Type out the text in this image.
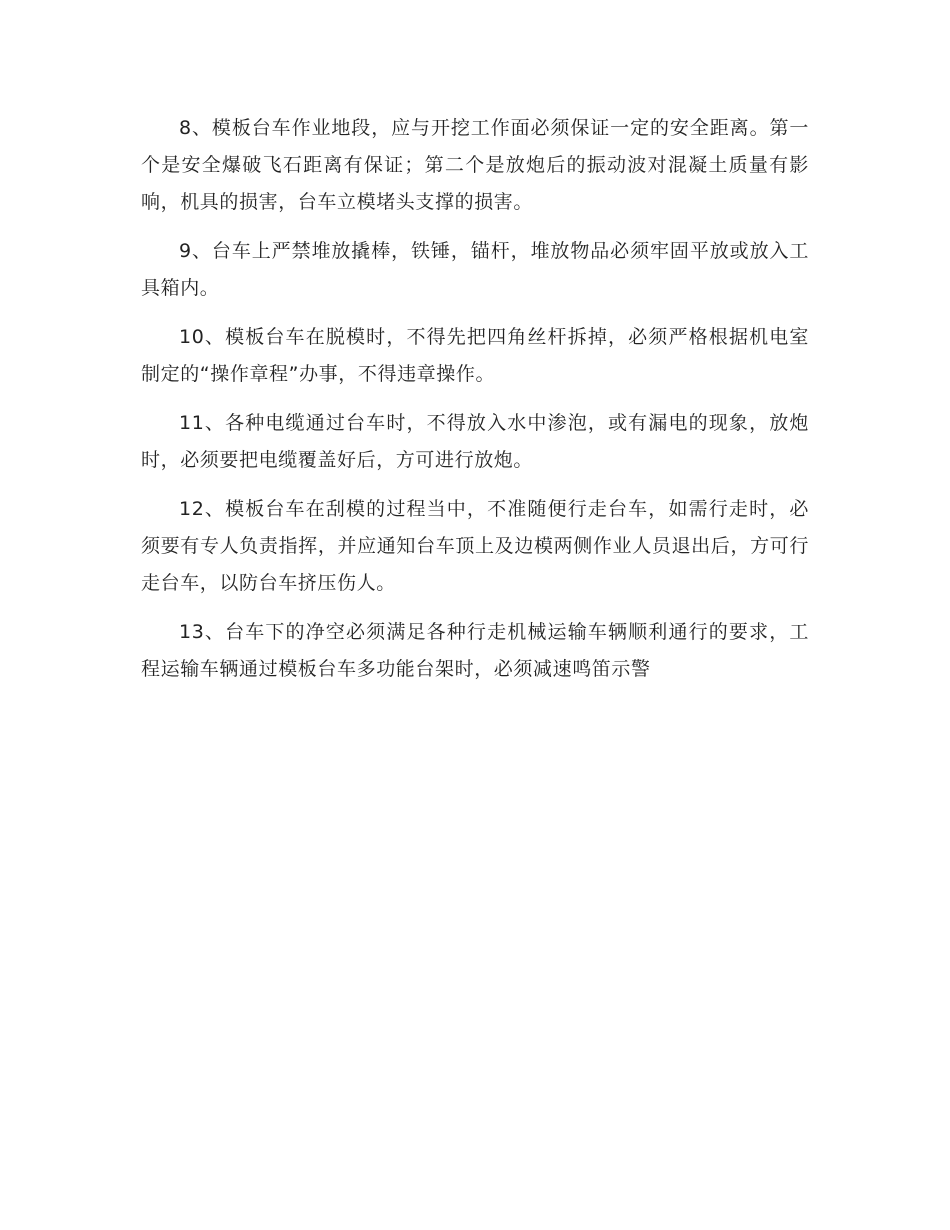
8、模板台车作业地段，应与开挖工作面必须保证一定的安全距离。第一个是安全爆破飞石距离有保证；第二个是放炮后的振动波对混凝土质量有影响，机具的损害，台车立模堵头支撑的损害。

9、台车上严禁堆放撬棒，铁锤，锚杆，堆放物品必须牢固平放或放入工具箱内。

10、模板台车在脱模时，不得先把四角丝杆拆掉，必须严格根据机电室制定的“操作章程”办事，不得违章操作。

11、各种电缆通过台车时，不得放入水中渗泡，或有漏电的现象，放炮时，必须要把电缆覆盖好后，方可进行放炮。

12、模板台车在刮模的过程当中，不准随便行走台车，如需行走时，必须要有专人负责指挥，并应通知台车顶上及边模两侧作业人员退出后，方可行走台车，以防台车挤压伤人。

13、台车下的净空必须满足各种行走机械运输车辆顺利通行的要求，工程运输车辆通过模板台车多功能台架时，必须减速鸣笛示警
